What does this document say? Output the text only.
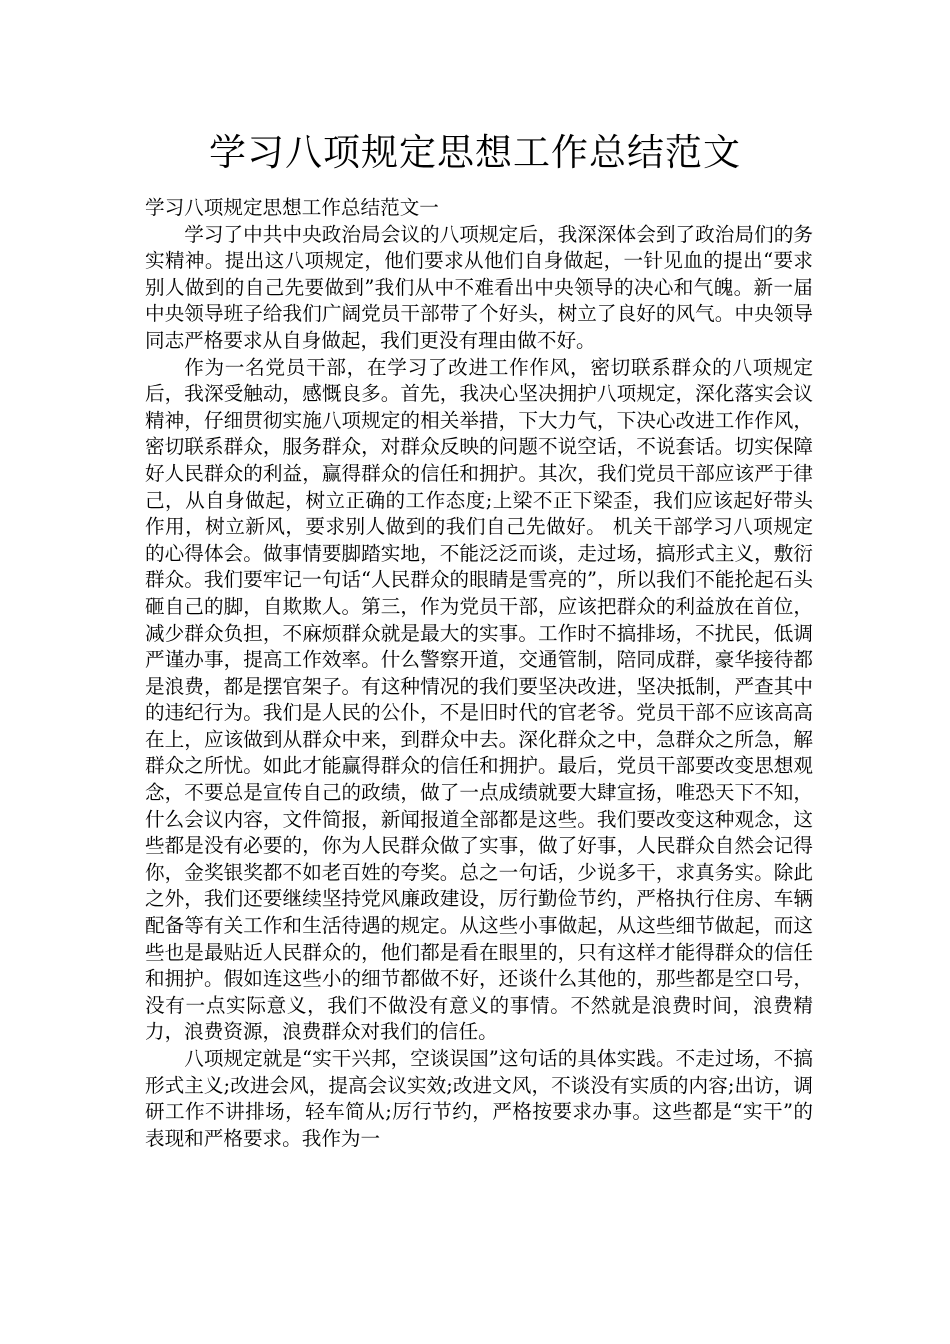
学习八项规定思想工作总结范文

学习八项规定思想工作总结范文一

学习了中共中央政治局会议的八项规定后，我深深体会到了政治局们的务实精神。提出这八项规定，他们要求从他们自身做起，一针见血的提出“要求别人做到的自己先要做到”我们从中不难看出中央领导的决心和气魄。新一届中央领导班子给我们广阔党员干部带了个好头，树立了良好的风气。中央领导同志严格要求从自身做起，我们更没有理由做不好。

作为一名党员干部，在学习了改进工作作风，密切联系群众的八项规定后，我深受触动，感慨良多。首先，我决心坚决拥护八项规定，深化落实会议精神，仔细贯彻实施八项规定的相关举措，下大力气，下决心改进工作作风，密切联系群众，服务群众，对群众反映的问题不说空话，不说套话。切实保障好人民群众的利益，赢得群众的信任和拥护。其次，我们党员干部应该严于律己，从自身做起，树立正确的工作态度;上梁不正下梁歪，我们应该起好带头作用，树立新风，要求别人做到的我们自己先做好。 机关干部学习八项规定的心得体会。做事情要脚踏实地，不能泛泛而谈，走过场，搞形式主义，敷衍群众。我们要牢记一句话“人民群众的眼睛是雪亮的”，所以我们不能抡起石头砸自己的脚，自欺欺人。第三，作为党员干部，应该把群众的利益放在首位，减少群众负担，不麻烦群众就是最大的实事。工作时不搞排场，不扰民，低调严谨办事，提高工作效率。什么警察开道，交通管制，陪同成群，豪华接待都是浪费，都是摆官架子。有这种情况的我们要坚决改进，坚决抵制，严查其中的违纪行为。我们是人民的公仆，不是旧时代的官老爷。党员干部不应该高高在上，应该做到从群众中来，到群众中去。深化群众之中，急群众之所急，解群众之所忧。如此才能赢得群众的信任和拥护。最后，党员干部要改变思想观念，不要总是宣传自己的政绩，做了一点成绩就要大肆宣扬，唯恐天下不知，什么会议内容，文件简报，新闻报道全部都是这些。我们要改变这种观念，这些都是没有必要的，你为人民群众做了实事，做了好事，人民群众自然会记得你，金奖银奖都不如老百姓的夸奖。总之一句话，少说多干，求真务实。除此之外，我们还要继续坚持党风廉政建设，厉行勤俭节约，严格执行住房、车辆配备等有关工作和生活待遇的规定。从这些小事做起，从这些细节做起，而这些也是最贴近人民群众的，他们都是看在眼里的，只有这样才能得群众的信任和拥护。假如连这些小的细节都做不好，还谈什么其他的，那些都是空口号，没有一点实际意义，我们不做没有意义的事情。不然就是浪费时间，浪费精力，浪费资源，浪费群众对我们的信任。

八项规定就是“实干兴邦，空谈误国”这句话的具体实践。不走过场，不搞形式主义;改进会风，提高会议实效;改进文风，不谈没有实质的内容;出访，调研工作不讲排场，轻车简从;厉行节约，严格按要求办事。这些都是“实干”的表现和严格要求。我作为一
